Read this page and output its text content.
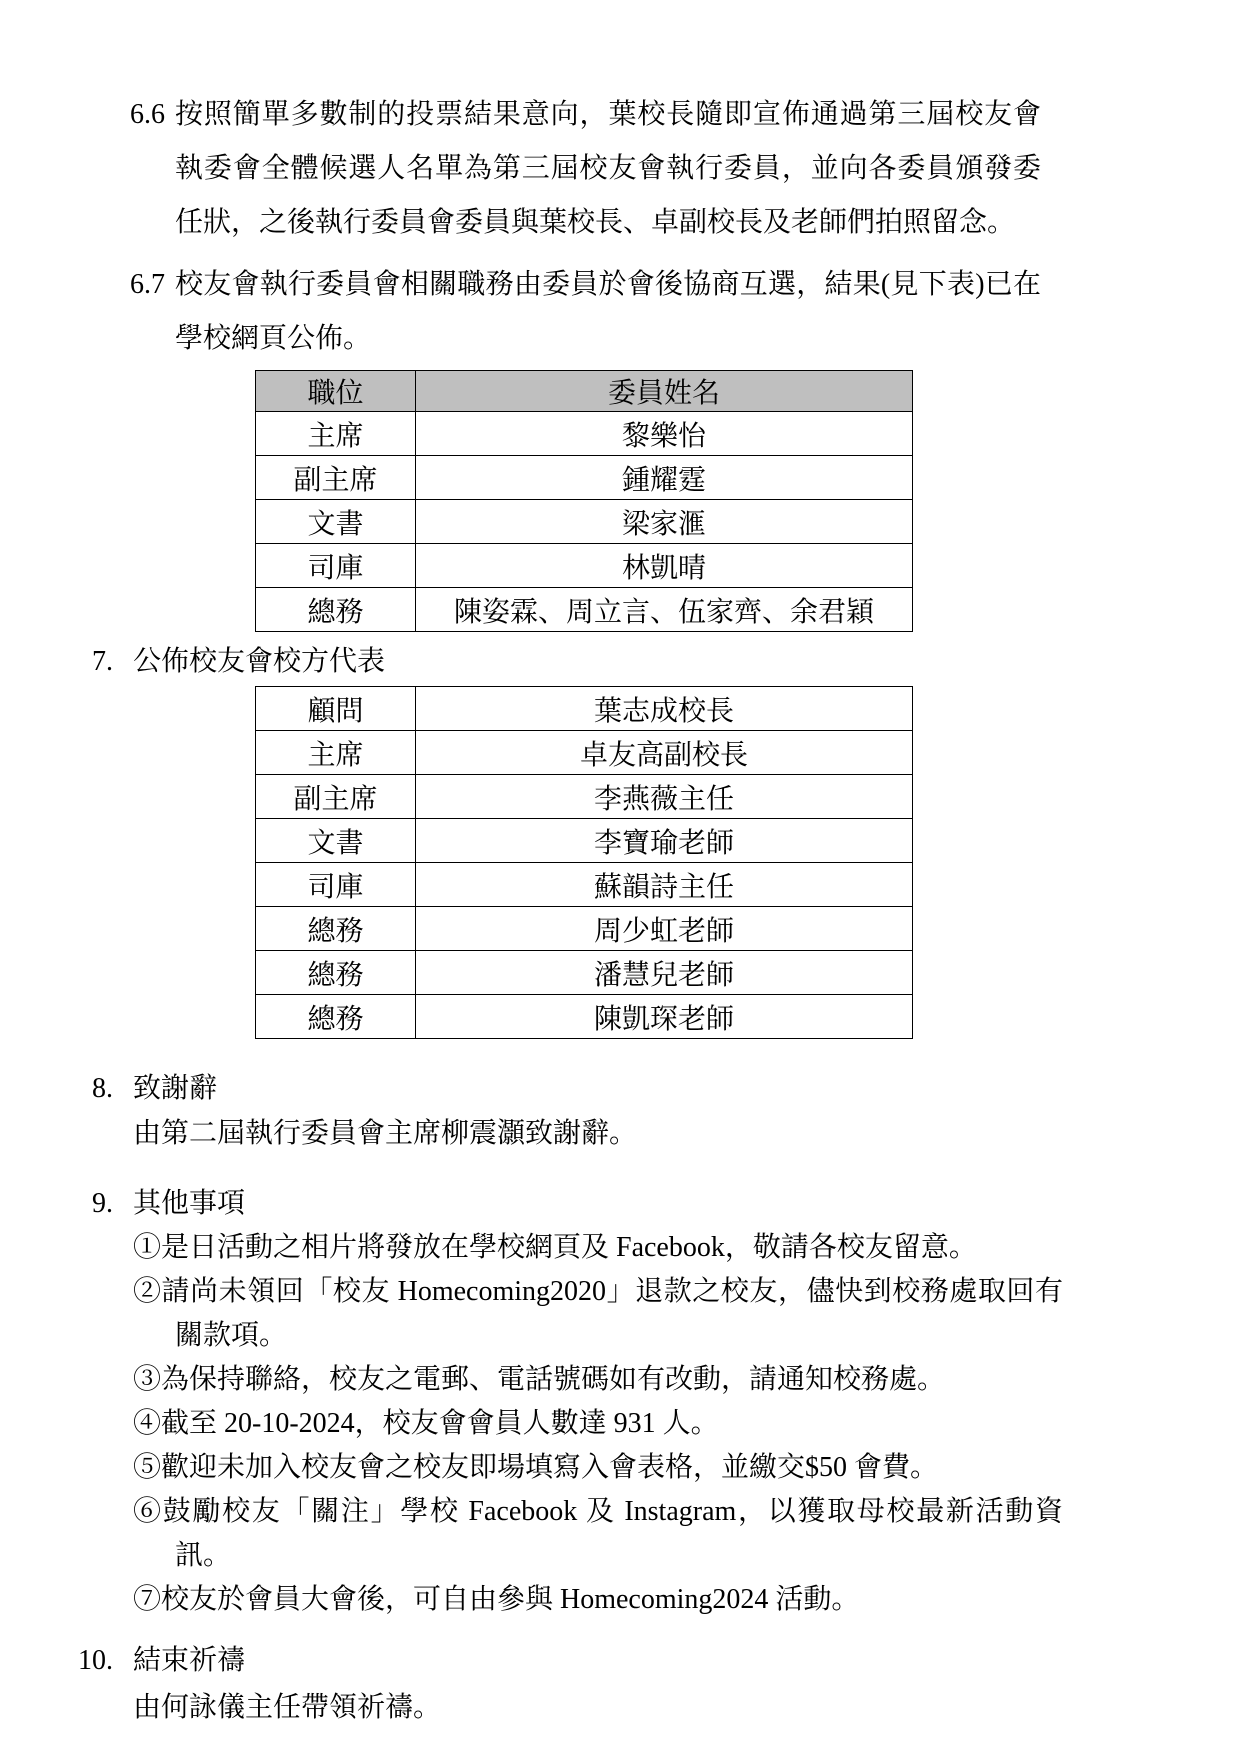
6.6 按照簡單多數制的投票結果意向，葉校長隨即宣佈通過第三屆校友會執委會全體候選人名單為第三屆校友會執行委員，並向各委員頒發委任狀，之後執行委員會委員與葉校長、卓副校長及老師們拍照留念。
6.7 校友會執行委員會相關職務由委員於會後協商互選，結果(見下表)已在學校網頁公佈。
職位	委員姓名
主席	黎樂怡
副主席	鍾耀霆
文書	梁家滙
司庫	林凱晴
總務	陳姿霖、周立言、伍家齊、余君穎
7. 公佈校友會校方代表
顧問	葉志成校長
主席	卓友高副校長
副主席	李燕薇主任
文書	李寶瑜老師
司庫	蘇韻詩主任
總務	周少虹老師
總務	潘慧兒老師
總務	陳凱琛老師
8. 致謝辭
由第二屆執行委員會主席柳震灝致謝辭。
9. 其他事項
①是日活動之相片將發放在學校網頁及 Facebook，敬請各校友留意。
②請尚未領回「校友 Homecoming2020」退款之校友，儘快到校務處取回有關款項。
③為保持聯絡，校友之電郵、電話號碼如有改動，請通知校務處。
④截至 20-10-2024，校友會會員人數達 931 人。
⑤歡迎未加入校友會之校友即場填寫入會表格，並繳交$50 會費。
⑥鼓勵校友「關注」學校 Facebook 及 Instagram，以獲取母校最新活動資訊。
⑦校友於會員大會後，可自由參與 Homecoming2024 活動。
10. 結束祈禱
由何詠儀主任帶領祈禱。
